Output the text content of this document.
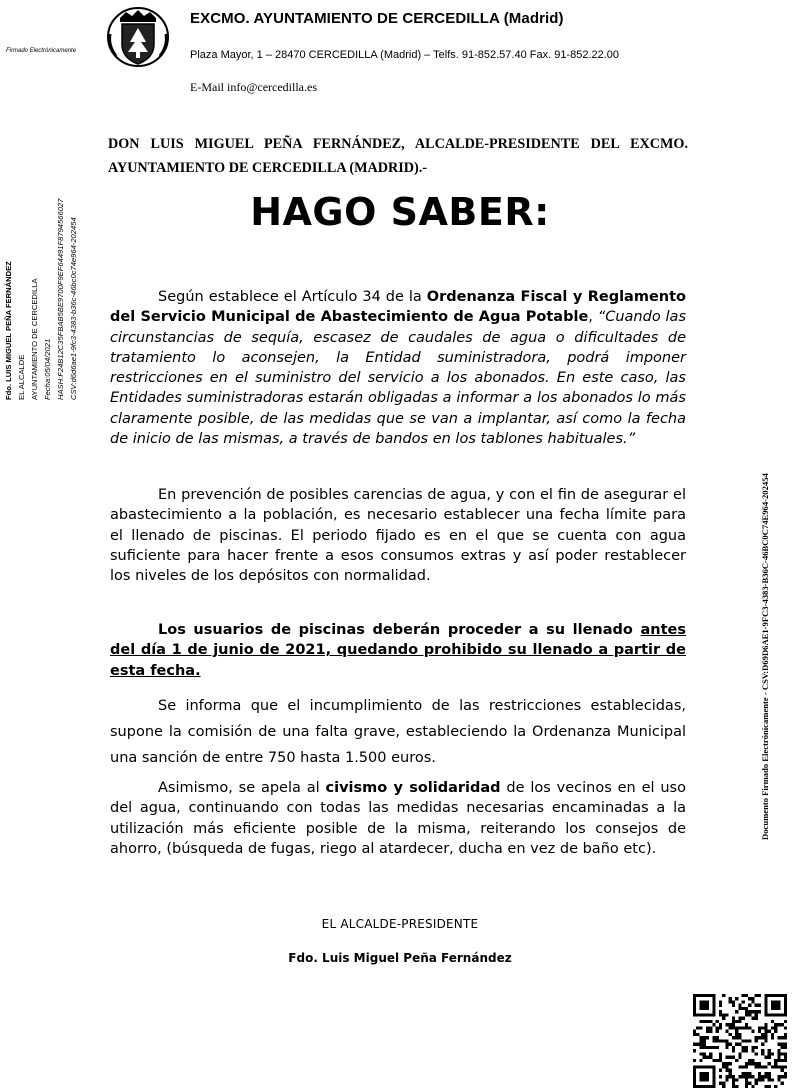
EXCMO. AYUNTAMIENTO DE CERCEDILLA (Madrid)
Plaza Mayor, 1 – 28470 CERCEDILLA (Madrid) – Telfs. 91-852.57.40 Fax. 91-852.22.00
E-Mail info@cercedilla.es
Firmado Electrónicamente
Fdo. LUIS MIGUEL PEÑA FERNÁNDEZ EL ALCALDE AYUNTAMIENTO DE CERCEDILLA Fecha:05/04/2021 HASH:F24B12C35FBAB5BE9700F9EF64491F8794566027 CSV:d6d6ae1-9fc3-4383-b36c-46bc0c74e964-202454
Documento Firmado Electrónicamente - CSV:D69D6AE1-9FC3-4383-B36C-46BC0C74E964-202454
DON LUIS MIGUEL PEÑA FERNÁNDEZ, ALCALDE-PRESIDENTE DEL EXCMO. AYUNTAMIENTO DE CERCEDILLA (MADRID).-
HAGO SABER:
Según establece el Artículo 34 de la Ordenanza Fiscal y Reglamento del Servicio Municipal de Abastecimiento de Agua Potable, “Cuando las circunstancias de sequía, escasez de caudales de agua o dificultades de tratamiento lo aconsejen, la Entidad suministradora, podrá imponer restricciones en el suministro del servicio a los abonados. En este caso, las Entidades suministradoras estarán obligadas a informar a los abonados lo más claramente posible, de las medidas que se van a implantar, así como la fecha de inicio de las mismas, a través de bandos en los tablones habituales.”
En prevención de posibles carencias de agua, y con el fin de asegurar el abastecimiento a la población, es necesario establecer una fecha límite para el llenado de piscinas. El periodo fijado es en el que se cuenta con agua suficiente para hacer frente a esos consumos extras y así poder restablecer los niveles de los depósitos con normalidad.
Los usuarios de piscinas deberán proceder a su llenado antes del día 1 de junio de 2021, quedando prohibido su llenado a partir de esta fecha.
Se informa que el incumplimiento de las restricciones establecidas, supone la comisión de una falta grave, estableciendo la Ordenanza Municipal una sanción de entre 750 hasta 1.500 euros.
Asimismo, se apela al civismo y solidaridad de los vecinos en el uso del agua, continuando con todas las medidas necesarias encaminadas a la utilización más eficiente posible de la misma, reiterando los consejos de ahorro, (búsqueda de fugas, riego al atardecer, ducha en vez de baño etc).
EL ALCALDE-PRESIDENTE
Fdo. Luis Miguel Peña Fernández
